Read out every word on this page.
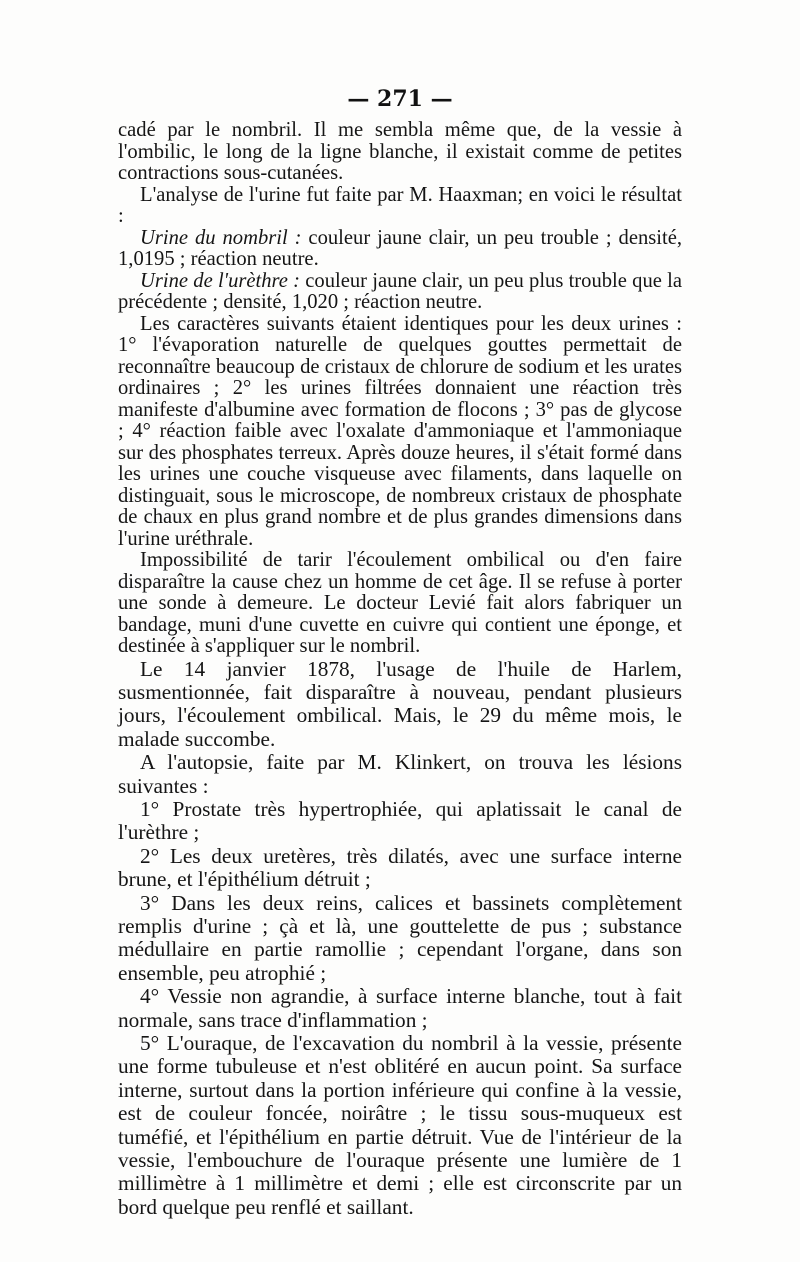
— 271 —

cadé par le nombril. Il me sembla même que, de la vessie à l'ombilic, le long de la ligne blanche, il existait comme de petites contractions sous-cutanées.

L'analyse de l'urine fut faite par M. Haaxman; en voici le résultat :

Urine du nombril : couleur jaune clair, un peu trouble ; densité, 1,0195 ; réaction neutre.

Urine de l'urèthre : couleur jaune clair, un peu plus trouble que la précédente ; densité, 1,020 ; réaction neutre.

Les caractères suivants étaient identiques pour les deux urines : 1° l'évaporation naturelle de quelques gouttes permettait de reconnaître beaucoup de cristaux de chlorure de sodium et les urates ordinaires ; 2° les urines filtrées donnaient une réaction très manifeste d'albumine avec formation de flocons ; 3° pas de glycose ; 4° réaction faible avec l'oxalate d'ammoniaque et l'ammoniaque sur des phosphates terreux. Après douze heures, il s'était formé dans les urines une couche visqueuse avec filaments, dans laquelle on distinguait, sous le microscope, de nombreux cristaux de phosphate de chaux en plus grand nombre et de plus grandes dimensions dans l'urine uréthrale.

Impossibilité de tarir l'écoulement ombilical ou d'en faire disparaître la cause chez un homme de cet âge. Il se refuse à porter une sonde à demeure. Le docteur Levié fait alors fabriquer un bandage, muni d'une cuvette en cuivre qui contient une éponge, et destinée à s'appliquer sur le nombril.

Le 14 janvier 1878, l'usage de l'huile de Harlem, susmentionnée, fait disparaître à nouveau, pendant plusieurs jours, l'écoulement ombilical. Mais, le 29 du même mois, le malade succombe.

A l'autopsie, faite par M. Klinkert, on trouva les lésions suivantes :

1° Prostate très hypertrophiée, qui aplatissait le canal de l'urèthre ;

2° Les deux uretères, très dilatés, avec une surface interne brune, et l'épithélium détruit ;

3° Dans les deux reins, calices et bassinets complètement remplis d'urine ; çà et là, une gouttelette de pus ; substance médullaire en partie ramollie ; cependant l'organe, dans son ensemble, peu atrophié ;

4° Vessie non agrandie, à surface interne blanche, tout à fait normale, sans trace d'inflammation ;

5° L'ouraque, de l'excavation du nombril à la vessie, présente une forme tubuleuse et n'est oblitéré en aucun point. Sa surface interne, surtout dans la portion inférieure qui confine à la vessie, est de couleur foncée, noirâtre ; le tissu sous-muqueux est tuméfié, et l'épithélium en partie détruit. Vue de l'intérieur de la vessie, l'embouchure de l'ouraque présente une lumière de 1 millimètre à 1 millimètre et demi ; elle est circonscrite par un bord quelque peu renflé et saillant.
